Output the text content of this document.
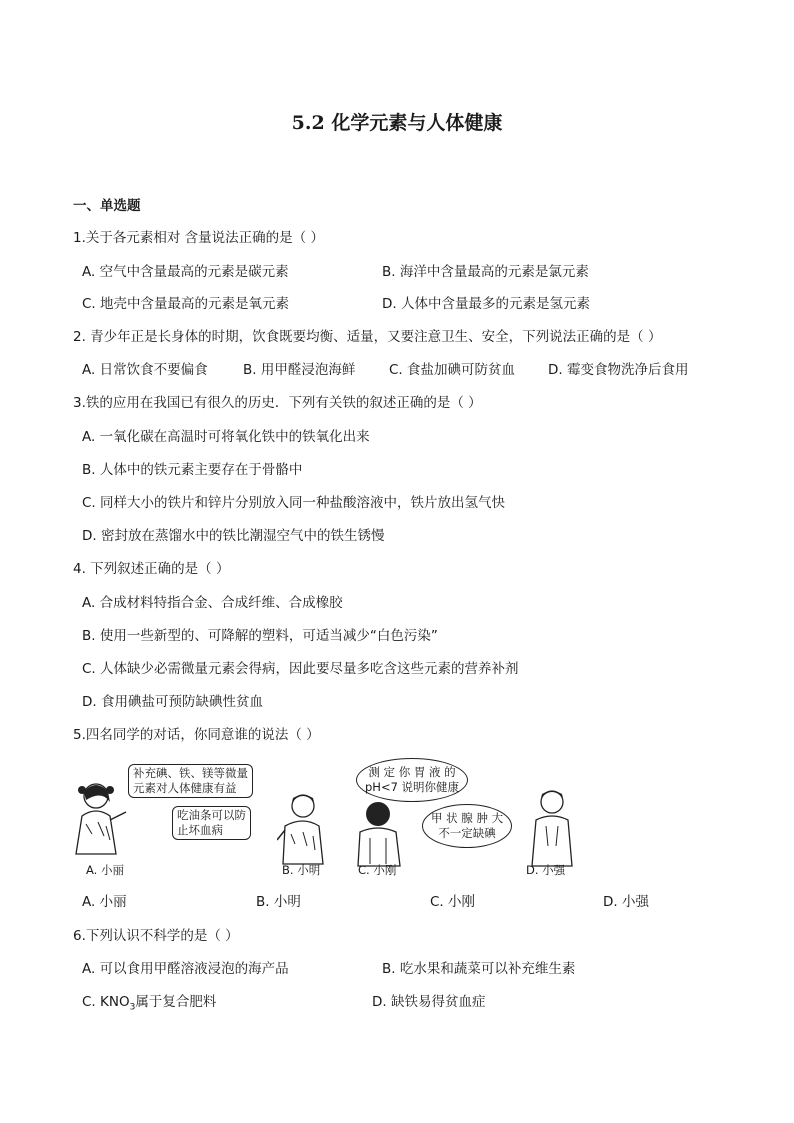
5.2 化学元素与人体健康
一、单选题
1.关于各元素相对 含量说法正确的是（ ）
A. 空气中含量最高的元素是碳元素	B. 海洋中含量最高的元素是氯元素
C. 地壳中含量最高的元素是氧元素	D. 人体中含量最多的元素是氢元素
2. 青少年正是长身体的时期，饮食既要均衡、适量，又要注意卫生、安全，下列说法正确的是（ ）
A. 日常饮食不要偏食	B. 用甲醛浸泡海鲜 C. 食盐加碘可防贫血 D. 霉变食物洗净后食用
3.铁的应用在我国已有很久的历史．下列有关铁的叙述正确的是（ ）
A. 一氧化碳在高温时可将氧化铁中的铁氧化出来
B. 人体中的铁元素主要存在于骨骼中
C. 同样大小的铁片和锌片分别放入同一种盐酸溶液中，铁片放出氢气快
D. 密封放在蒸馏水中的铁比潮湿空气中的铁生锈慢
4. 下列叙述正确的是（ ）
A. 合成材料特指合金、合成纤维、合成橡胶
B. 使用一些新型的、可降解的塑料，可适当减少“白色污染”
C. 人体缺少必需微量元素会得病，因此要尽量多吃含这些元素的营养补剂
D. 食用碘盐可预防缺碘性贫血
5.四名同学的对话，你同意谁的说法（ ）
补充碘、铁、镁等微量
元素对人体健康有益
吃油条可以防
止坏血病
测 定 你 胃 液 的
pH<7 说明你健康
甲 状 腺 肿 大
不一定缺碘
A. 小丽	B. 小明	C. 小刚	D. 小强
A. 小丽	B. 小明	C. 小刚	D. 小强
6.下列认识不科学的是（ ）
A. 可以食用甲醛溶液浸泡的海产品	B. 吃水果和蔬菜可以补充维生素
C. $KNO_3$属于复合肥料	D. 缺铁易得贫血症
